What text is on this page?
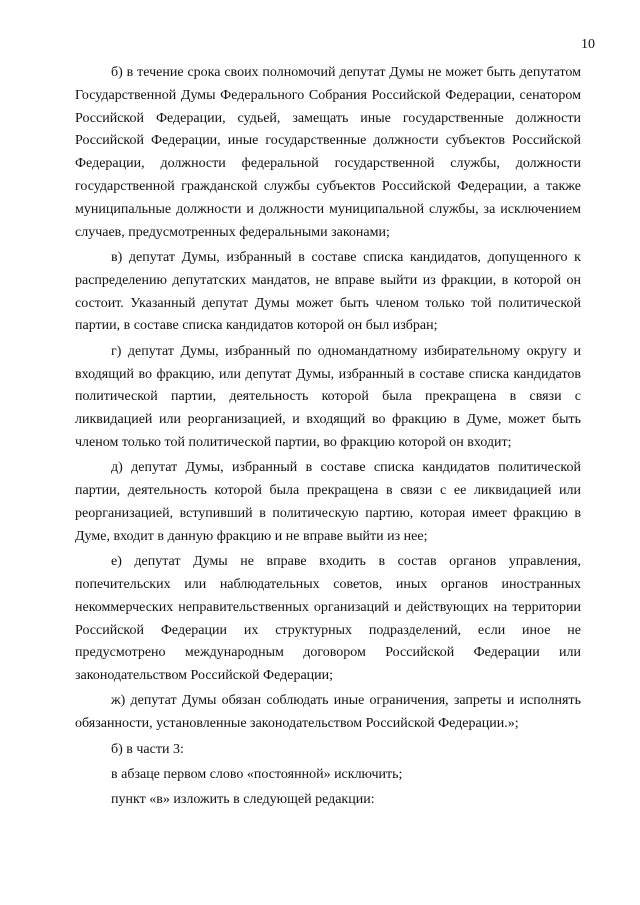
10

б) в течение срока своих полномочий депутат Думы не может быть депутатом Государственной Думы Федерального Собрания Российской Федерации, сенатором Российской Федерации, судьей, замещать иные государственные должности Российской Федерации, иные государственные должности субъектов Российской Федерации, должности федеральной государственной службы, должности государственной гражданской службы субъектов Российской Федерации, а также муниципальные должности и должности муниципальной службы, за исключением случаев, предусмотренных федеральными законами;

в) депутат Думы, избранный в составе списка кандидатов, допущенного к распределению депутатских мандатов, не вправе выйти из фракции, в которой он состоит. Указанный депутат Думы может быть членом только той политической партии, в составе списка кандидатов которой он был избран;

г) депутат Думы, избранный по одномандатному избирательному округу и входящий во фракцию, или депутат Думы, избранный в составе списка кандидатов политической партии, деятельность которой была прекращена в связи с ликвидацией или реорганизацией, и входящий во фракцию в Думе, может быть членом только той политической партии, во фракцию которой он входит;

д) депутат Думы, избранный в составе списка кандидатов политической партии, деятельность которой была прекращена в связи с ее ликвидацией или реорганизацией, вступивший в политическую партию, которая имеет фракцию в Думе, входит в данную фракцию и не вправе выйти из нее;

е) депутат Думы не вправе входить в состав органов управления, попечительских или наблюдательных советов, иных органов иностранных некоммерческих неправительственных организаций и действующих на территории Российской Федерации их структурных подразделений, если иное не предусмотрено международным договором Российской Федерации или законодательством Российской Федерации;

ж) депутат Думы обязан соблюдать иные ограничения, запреты и исполнять обязанности, установленные законодательством Российской Федерации.»;

б) в части 3:

в абзаце первом слово «постоянной» исключить;

пункт «в» изложить в следующей редакции:
